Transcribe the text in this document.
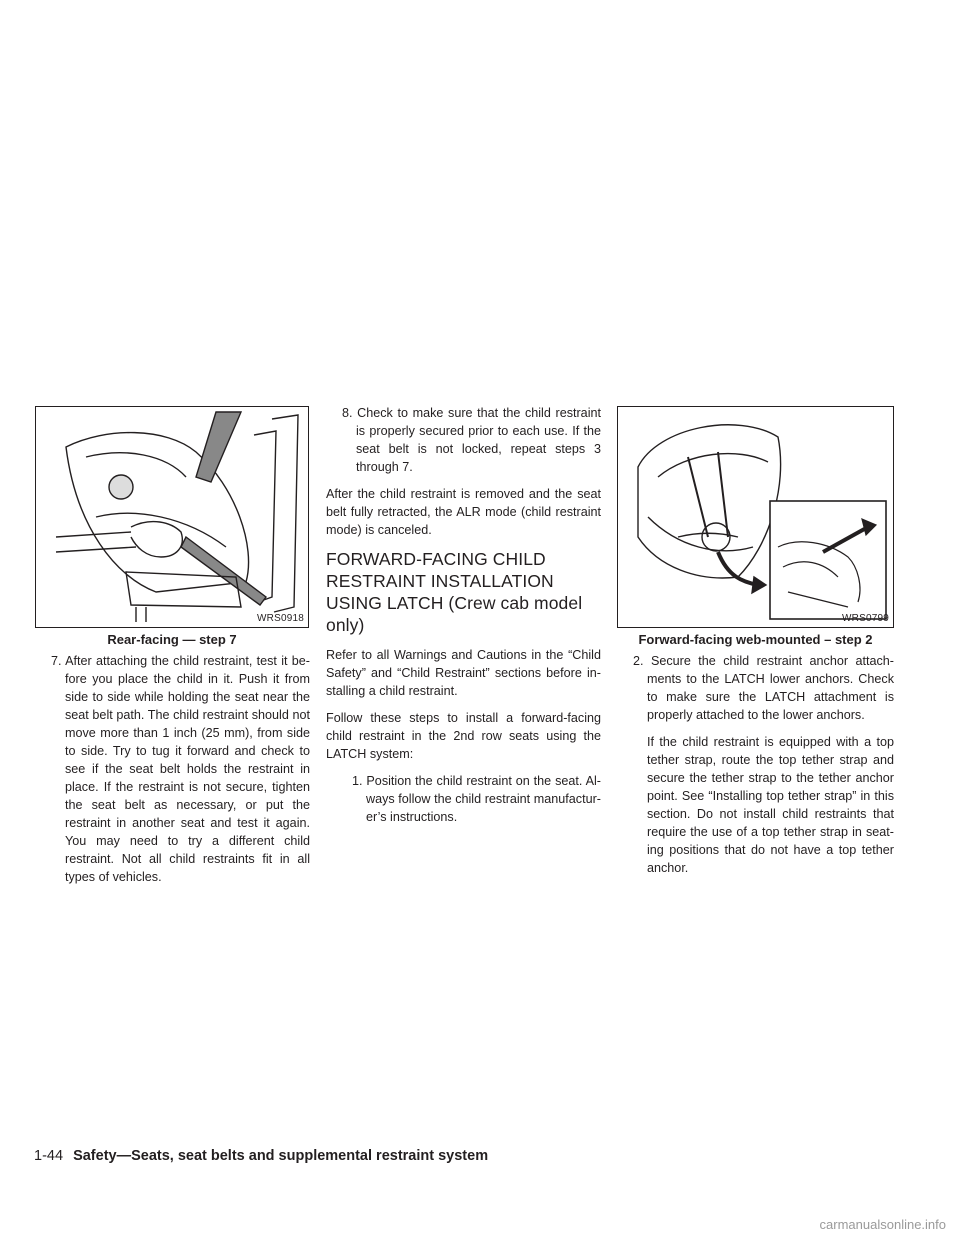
WRS0918
Rear-facing — step 7
WRS0799
Forward-facing web-mounted – step 2
7. After attaching the child restraint, test it before you place the child in it. Push it from side to side while holding the seat near the seat belt path. The child restraint should not move more than 1 inch (25 mm), from side to side. Try to tug it forward and check to see if the seat belt holds the restraint in place. If the restraint is not secure, tighten the seat belt as necessary, or put the restraint in another seat and test it again. You may need to try a different child restraint. Not all child restraints fit in all types of vehicles.
8. Check to make sure that the child restraint is properly secured prior to each use. If the seat belt is not locked, repeat steps 3 through 7.

After the child restraint is removed and the seat belt fully retracted, the ALR mode (child restraint mode) is canceled.

FORWARD-FACING CHILD RESTRAINT INSTALLATION USING LATCH (Crew cab model only)

Refer to all Warnings and Cautions in the “Child Safety” and “Child Restraint” sections before installing a child restraint.

Follow these steps to install a forward-facing child restraint in the 2nd row seats using the LATCH system:

1. Position the child restraint on the seat. Always follow the child restraint manufacturer’s instructions.
2. Secure the child restraint anchor attachments to the LATCH lower anchors. Check to make sure the LATCH attachment is properly attached to the lower anchors.
If the child restraint is equipped with a top tether strap, route the top tether strap and secure the tether strap to the tether anchor point. See “Installing top tether strap” in this section. Do not install child restraints that require the use of a top tether strap in seating positions that do not have a top tether anchor.
1-44 Safety—Seats, seat belts and supplemental restraint system
carmanualsonline.info
